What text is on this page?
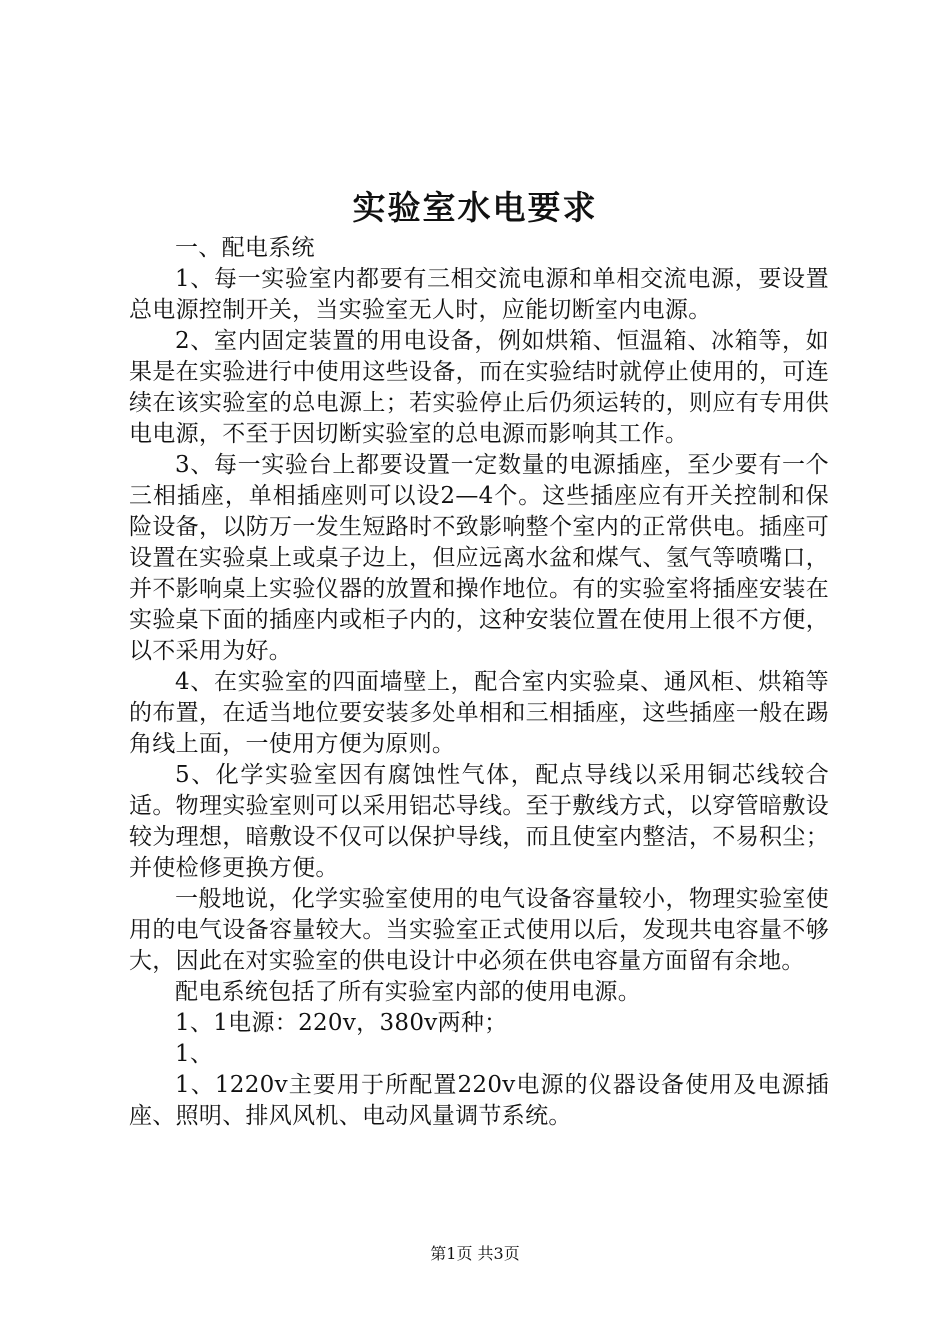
实验室水电要求

一、配电系统

1、每一实验室内都要有三相交流电源和单相交流电源，要设置总电源控制开关，当实验室无人时，应能切断室内电源。

2、室内固定装置的用电设备，例如烘箱、恒温箱、冰箱等，如果是在实验进行中使用这些设备，而在实验结时就停止使用的，可连续在该实验室的总电源上；若实验停止后仍须运转的，则应有专用供电电源，不至于因切断实验室的总电源而影响其工作。

3、每一实验台上都要设置一定数量的电源插座，至少要有一个三相插座，单相插座则可以设2—4个。这些插座应有开关控制和保险设备，以防万一发生短路时不致影响整个室内的正常供电。插座可设置在实验桌上或桌子边上，但应远离水盆和煤气、氢气等喷嘴口，并不影响桌上实验仪器的放置和操作地位。有的实验室将插座安装在实验桌下面的插座内或柜子内的，这种安装位置在使用上很不方便，以不采用为好。

4、在实验室的四面墙壁上，配合室内实验桌、通风柜、烘箱等的布置，在适当地位要安装多处单相和三相插座，这些插座一般在踢角线上面，一使用方便为原则。

5、化学实验室因有腐蚀性气体，配点导线以采用铜芯线较合适。物理实验室则可以采用铝芯导线。至于敷线方式，以穿管暗敷设较为理想，暗敷设不仅可以保护导线，而且使室内整洁，不易积尘；并使检修更换方便。

一般地说，化学实验室使用的电气设备容量较小，物理实验室使用的电气设备容量较大。当实验室正式使用以后，发现共电容量不够大，因此在对实验室的供电设计中必须在供电容量方面留有余地。

配电系统包括了所有实验室内部的使用电源。

1、1电源：220v，380v两种；

1、

1、1220v主要用于所配置220v电源的仪器设备使用及电源插座、照明、排风风机、电动风量调节系统。

第1页 共3页
